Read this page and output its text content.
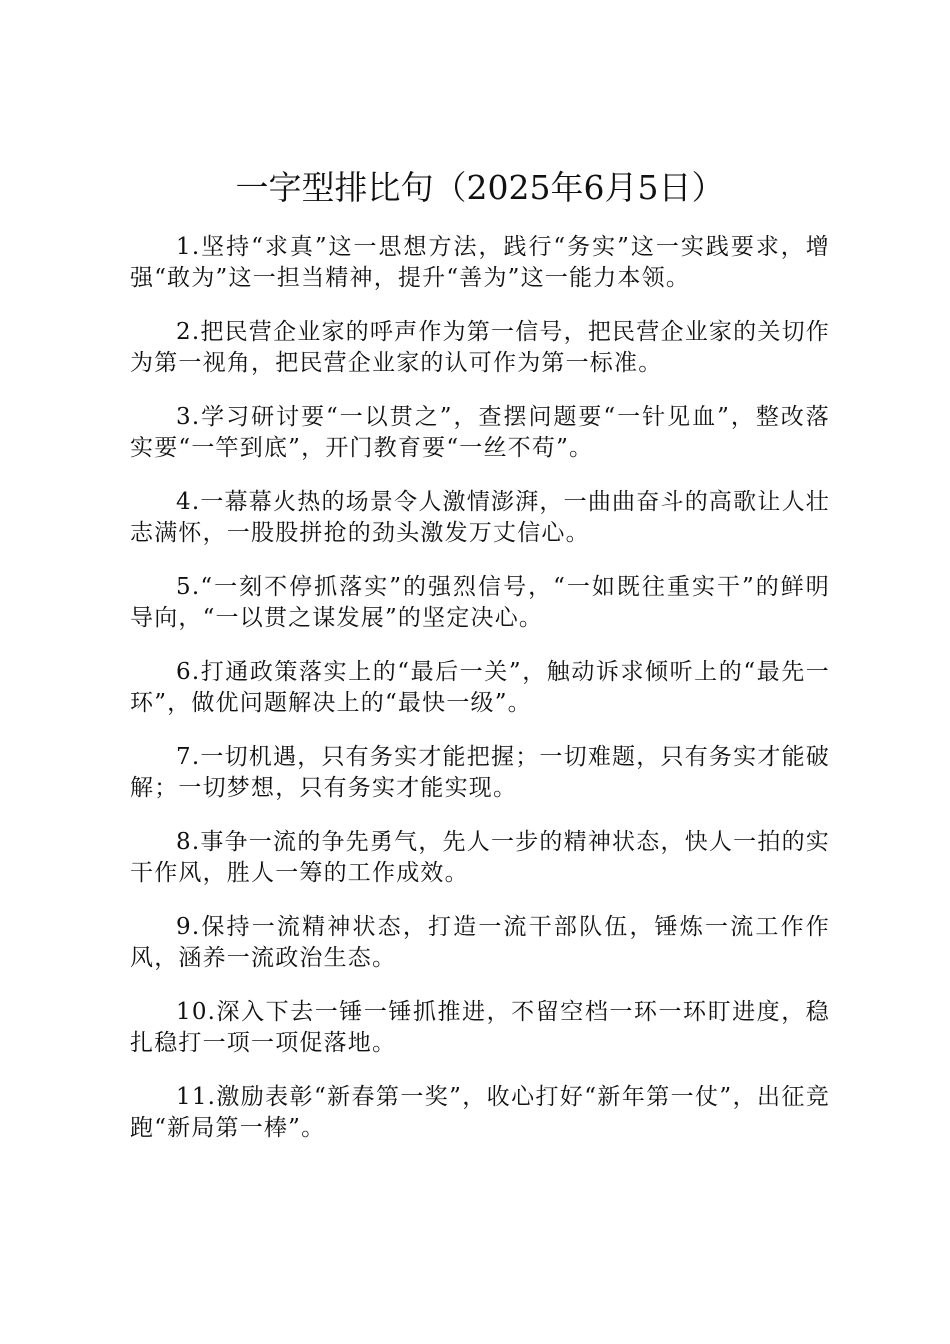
一字型排比句（2025年6月5日）

1.坚持“求真”这一思想方法，践行“务实”这一实践要求，增强“敢为”这一担当精神，提升“善为”这一能力本领。

2.把民营企业家的呼声作为第一信号，把民营企业家的关切作为第一视角，把民营企业家的认可作为第一标准。

3.学习研讨要“一以贯之”，查摆问题要“一针见血”，整改落实要“一竿到底”，开门教育要“一丝不苟”。

4.一幕幕火热的场景令人激情澎湃，一曲曲奋斗的高歌让人壮志满怀，一股股拼抢的劲头激发万丈信心。

5.“一刻不停抓落实”的强烈信号，“一如既往重实干”的鲜明导向，“一以贯之谋发展”的坚定决心。

6.打通政策落实上的“最后一关”，触动诉求倾听上的“最先一环”，做优问题解决上的“最快一级”。

7.一切机遇，只有务实才能把握；一切难题，只有务实才能破解；一切梦想，只有务实才能实现。

8.事争一流的争先勇气，先人一步的精神状态，快人一拍的实干作风，胜人一筹的工作成效。

9.保持一流精神状态，打造一流干部队伍，锤炼一流工作作风，涵养一流政治生态。

10.深入下去一锤一锤抓推进，不留空档一环一环盯进度，稳扎稳打一项一项促落地。

11.激励表彰“新春第一奖”，收心打好“新年第一仗”，出征竞跑“新局第一棒”。
